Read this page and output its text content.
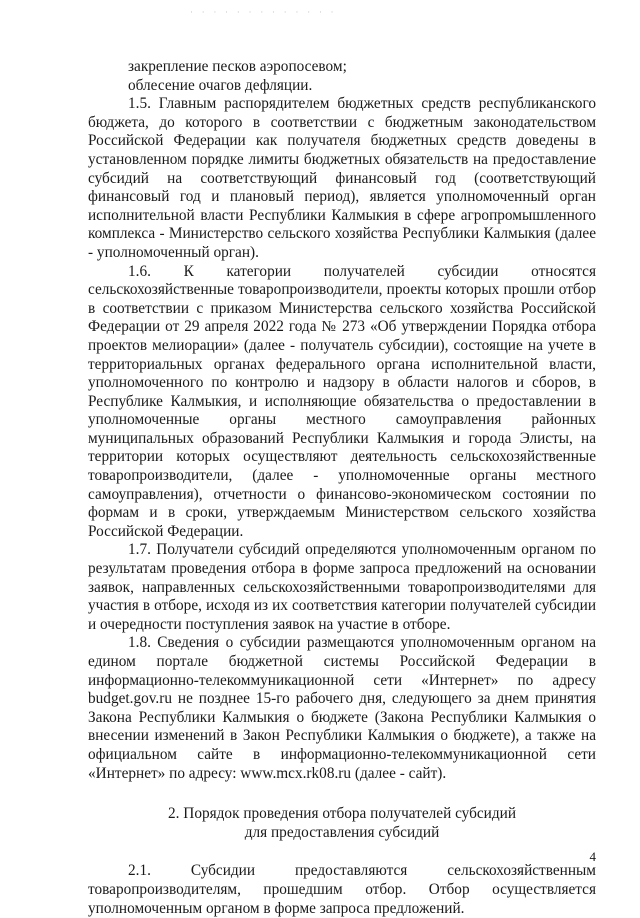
· · · · · · · · · · · · ·

закрепление песков аэропосевом;

облесение очагов дефляции.

1.5. Главным распорядителем бюджетных средств республиканского бюджета, до которого в соответствии с бюджетным законодательством Российской Федерации как получателя бюджетных средств доведены в установленном порядке лимиты бюджетных обязательств на предоставление субсидий на соответствующий финансовый год (соответствующий финансовый год и плановый период), является уполномоченный орган исполнительной власти Республики Калмыкия в сфере агропромышленного комплекса - Министерство сельского хозяйства Республики Калмыкия (далее - уполномоченный орган).

1.6. К категории получателей субсидии относятся сельскохозяйственные товаропроизводители, проекты которых прошли отбор в соответствии с приказом Министерства сельского хозяйства Российской Федерации от 29 апреля 2022 года № 273 «Об утверждении Порядка отбора проектов мелиорации» (далее - получатель субсидии), состоящие на учете в территориальных органах федерального органа исполнительной власти, уполномоченного по контролю и надзору в области налогов и сборов, в Республике Калмыкия, и исполняющие обязательства о предоставлении в уполномоченные органы местного самоуправления районных муниципальных образований Республики Калмыкия и города Элисты, на территории которых осуществляют деятельность сельскохозяйственные товаропроизводители, (далее - уполномоченные органы местного самоуправления), отчетности о финансово-экономическом состоянии по формам и в сроки, утверждаемым Министерством сельского хозяйства Российской Федерации.

1.7. Получатели субсидий определяются уполномоченным органом по результатам проведения отбора в форме запроса предложений на основании заявок, направленных сельскохозяйственными товаропроизводителями для участия в отборе, исходя из их соответствия категории получателей субсидии и очередности поступления заявок на участие в отборе.

1.8. Сведения о субсидии размещаются уполномоченным органом на едином портале бюджетной системы Российской Федерации в информационно-телекоммуникационной сети «Интернет» по адресу budget.gov.ru не позднее 15-го рабочего дня, следующего за днем принятия Закона Республики Калмыкия о бюджете (Закона Республики Калмыкия о внесении изменений в Закон Республики Калмыкия о бюджете), а также на официальном сайте в информационно-телекоммуникационной сети «Интернет» по адресу: www.mcx.rk08.ru (далее - сайт).

2. Порядок проведения отбора получателей субсидий
для предоставления субсидий

2.1. Субсидии предоставляются сельскохозяйственным товаропроизводителям, прошедшим отбор. Отбор осуществляется уполномоченным органом в форме запроса предложений.

4
